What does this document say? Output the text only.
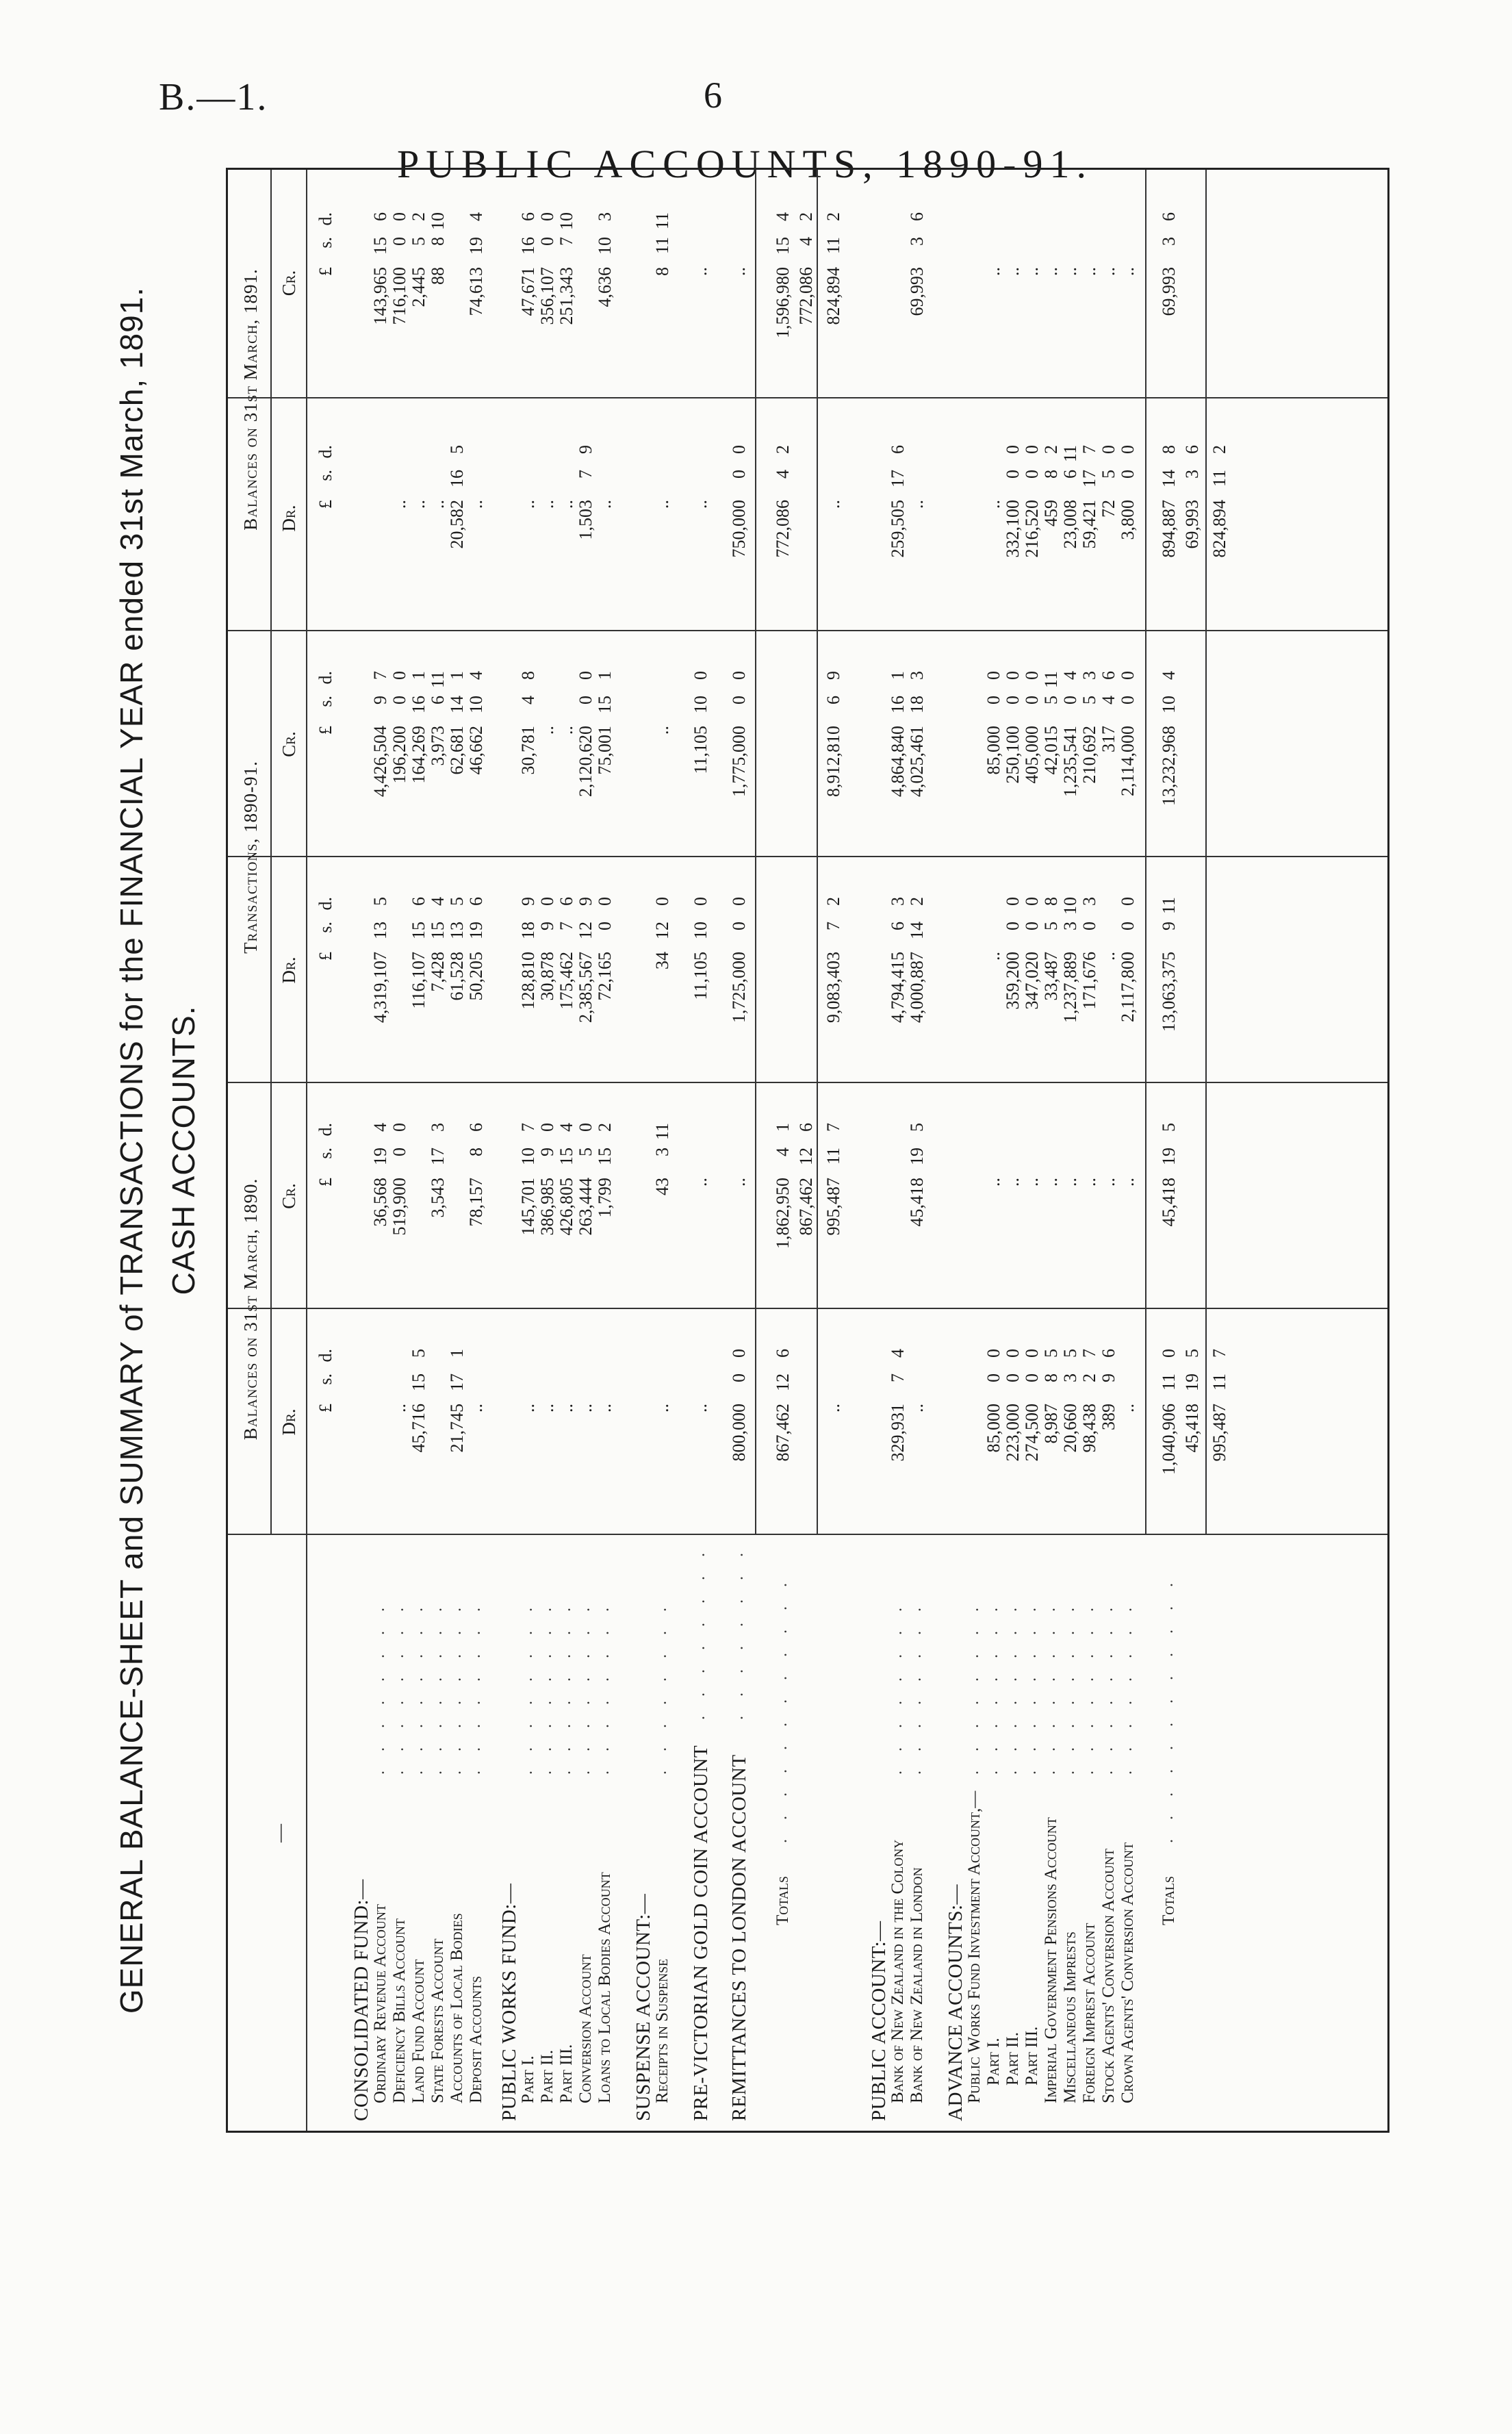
B.—1.	6
PUBLIC ACCOUNTS, 1890-91.
GENERAL BALANCE-SHEET and SUMMARY of TRANSACTIONS for the FINANCIAL YEAR ended 31st March, 1891. CASH ACCOUNTS.
Balances on 31st March, 1890.
Transactions, 1890-91.
Balances on 31st March, 1891.
Dr.
Cr.
Dr.
Cr.
Dr.
Cr.
£s.d.
£s.d.
£s.d.
£s.d.
£s.d.
£s.d.
—
CONSOLIDATED FUND:—
Ordinary Revenue Account
........
36,568194
4,319,107135
4,426,50497
143,965156
Deficiency Bills Account
........
..
519,90000
196,20000
..
716,10000
Land Fund Account
........
45,716155
116,107156
164,269161
..
2,44552
State Forests Account
........
3,543173
7,428154
3,973611
..
88810
Accounts of Local Bodies
........
21,745171
61,528135
62,681141
20,582165
Deposit Accounts
........
..
78,15786
50,205196
46,662104
..
74,613194
PUBLIC WORKS FUND:—
Part I.
........
..
145,701107
128,810189
30,78148
..
47,671166
Part II.
........
..
386,98590
30,87890
..
..
356,10700
Part III.
........
..
426,805154
175,46276
..
..
251,343710
Conversion Account
........
..
263,44450
2,385,567129
2,120,62000
1,50379
Loans to Local Bodies Account
........
..
1,799152
72,16500
75,001151
..
4,636103
SUSPENSE ACCOUNT:—
Receipts in Suspense
........
..
43311
34120
..
..
81111
PRE-VICTORIAN GOLD COIN ACCOUNT
........
..
..
11,105100
11,105100
..
..
REMITTANCES TO LONDON ACCOUNT
........
800,00000
..
1,725,00000
1,775,00000
750,00000
..
Totals
............
867,462126
1,862,95041
772,08642
1,596,980154
867,462126
772,08642
..
995,487117
9,083,40372
8,912,81069
..
824,894112
PUBLIC ACCOUNT:—
Bank of New Zealand in the Colony
........
329,93174
4,794,41563
4,864,840161
259,505176
Bank of New Zealand in London
........
..
45,418195
4,000,887142
4,025,461183
..
69,99336
ADVANCE ACCOUNTS:—
Public Works Fund Investment Account,—
........
Part I.
........
85,00000
..
..
85,00000
..
..
Part II.
........
223,00000
..
359,20000
250,10000
332,10000
..
Part III.
........
274,50000
..
347,02000
405,00000
216,52000
..
Imperial Government Pensions Account
........
8,98785
..
33,48758
42,015511
45982
..
Miscellaneous Imprests
........
20,66035
..
1,237,889310
1,235,54104
23,008611
..
Foreign Imprest Account
........
98,43827
..
171,67603
210,69253
59,421177
..
Stock Agents' Conversion Account
........
38996
..
..
31746
7250
..
Crown Agents' Conversion Account
........
..
..
2,117,80000
2,114,00000
3,80000
..
Totals
............
1,040,906110
45,418195
13,063,375911
13,232,968104
894,887148
69,99336
45,418195
69,99336
995,487117
824,894112
